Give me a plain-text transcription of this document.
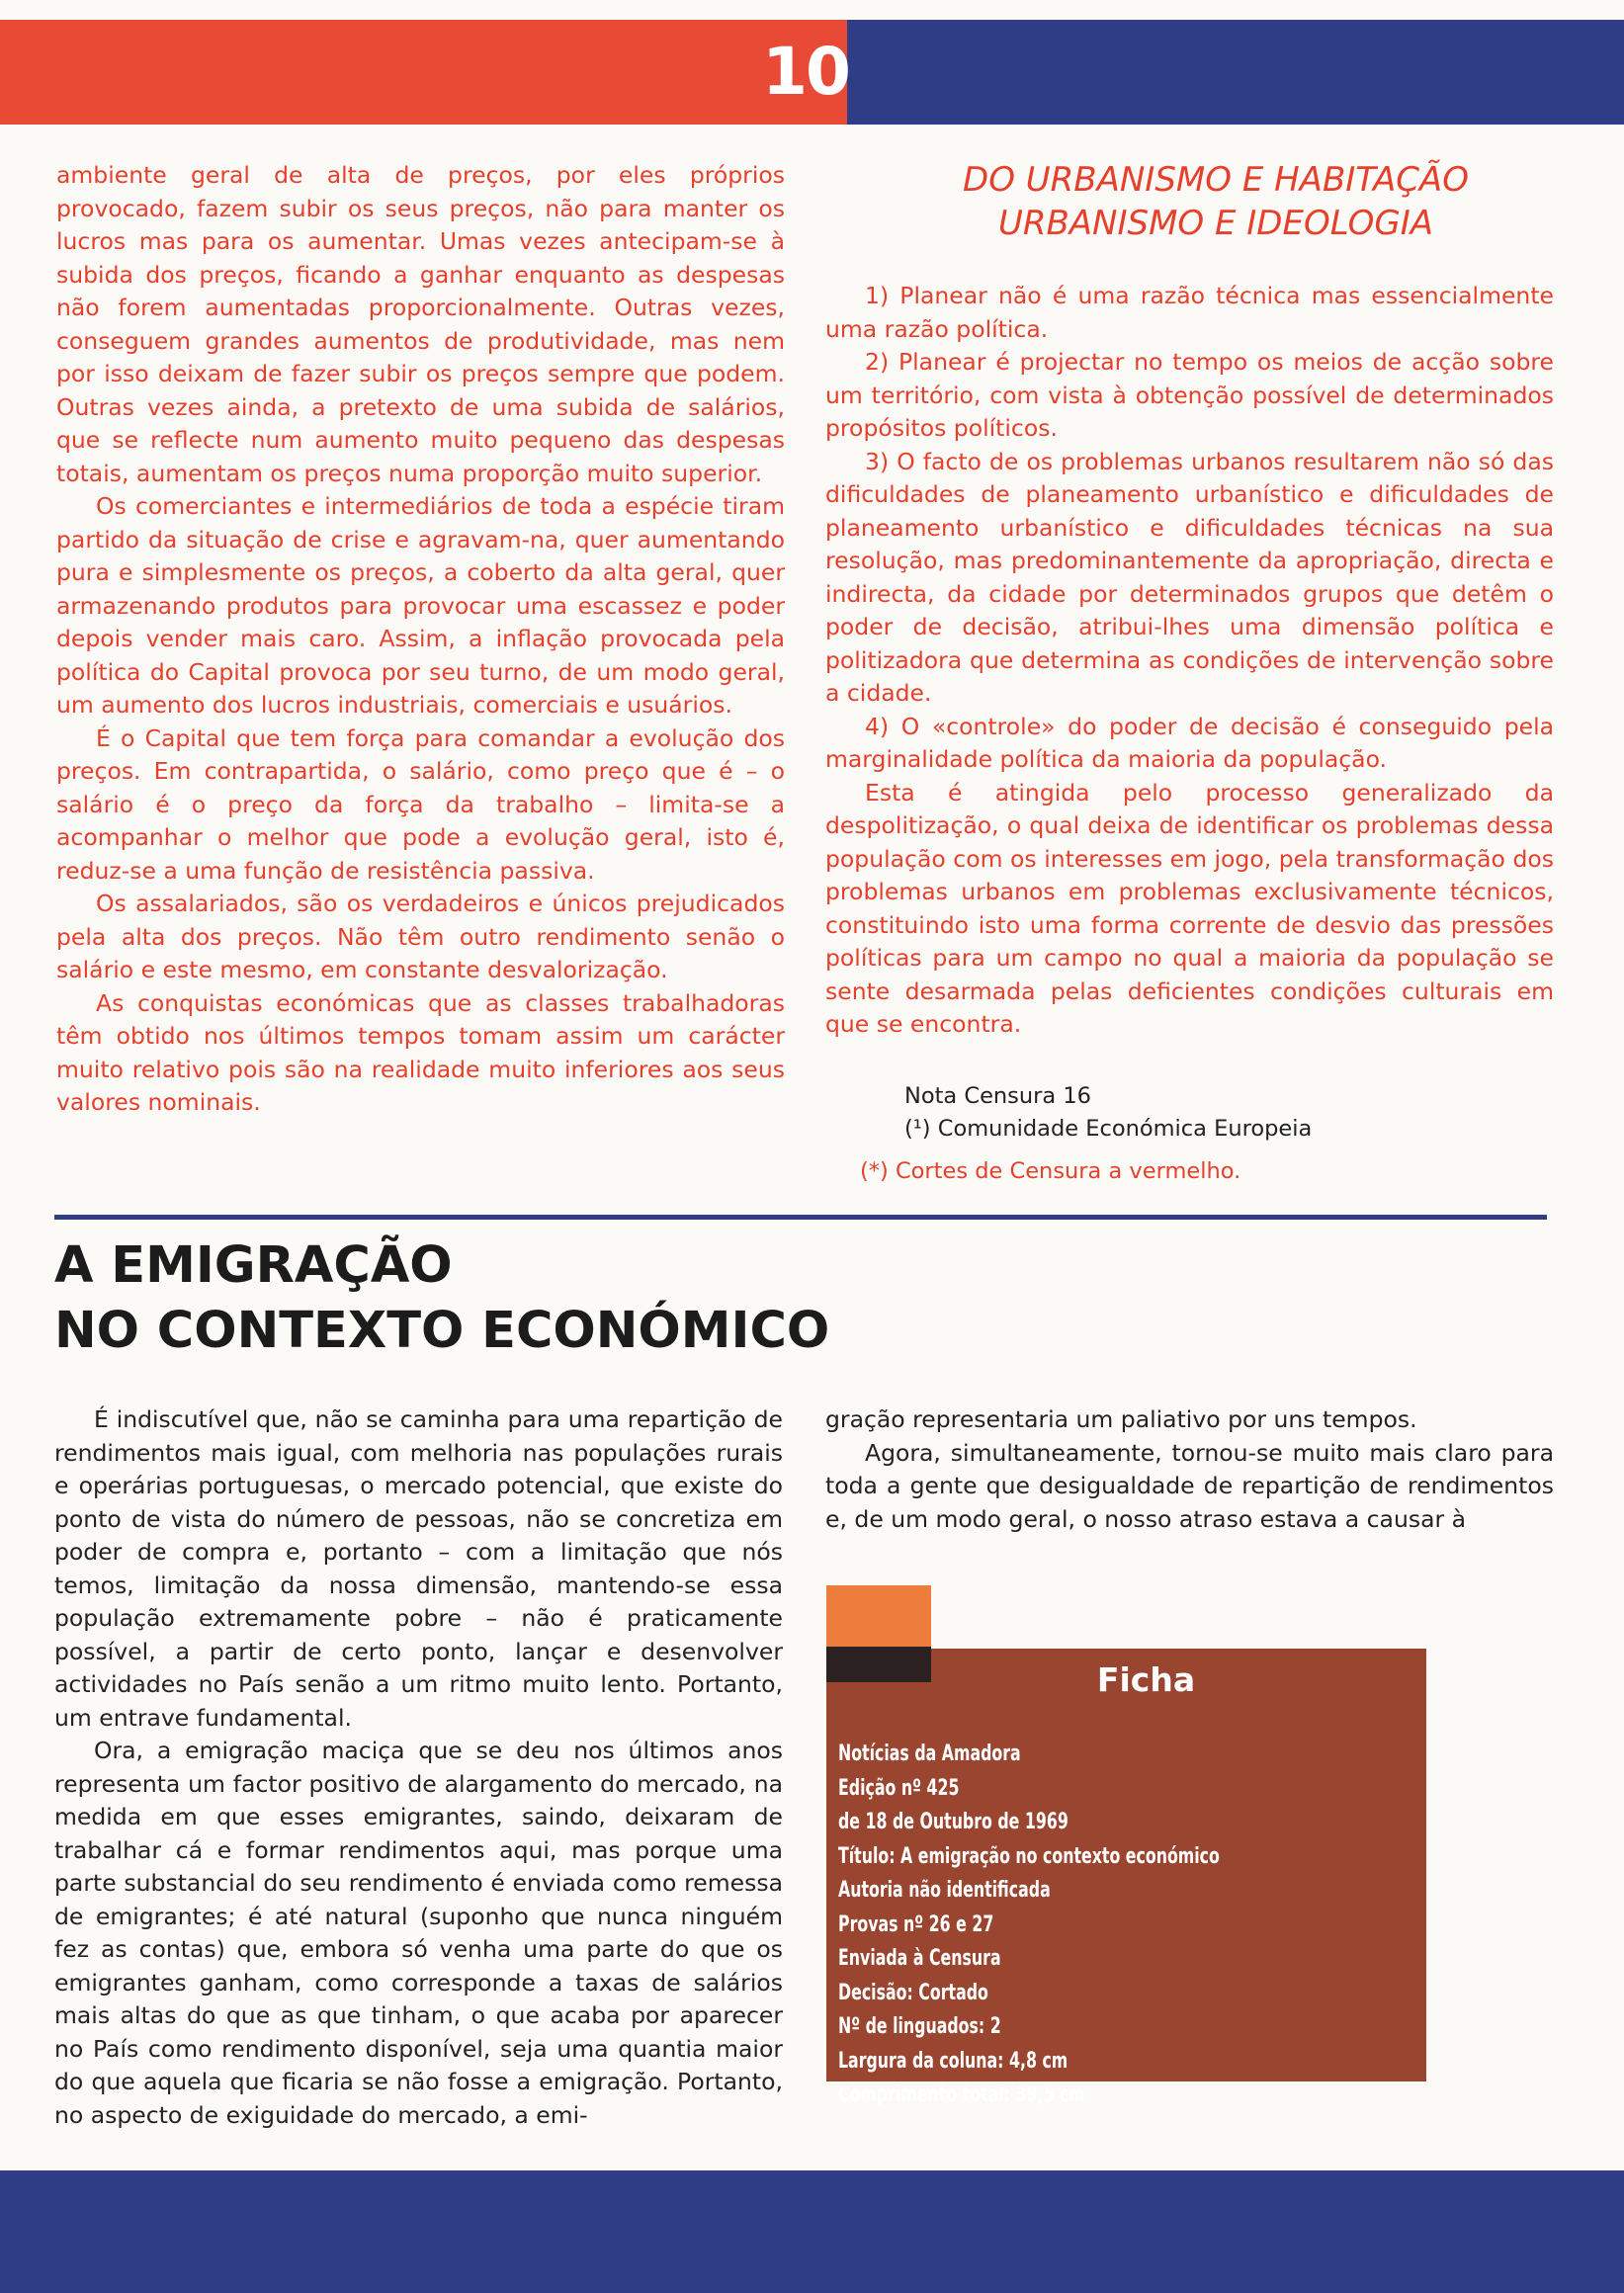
10

ambiente geral de alta de preços, por eles próprios provocado, fazem subir os seus preços, não para manter os lucros mas para os aumentar. Umas vezes antecipam-se à subida dos preços, ficando a ganhar enquanto as despesas não forem aumentadas proporcionalmente. Outras vezes, conseguem grandes aumentos de produtividade, mas nem por isso deixam de fazer subir os preços sempre que podem. Outras vezes ainda, a pretexto de uma subida de salários, que se reflecte num aumento muito pequeno das despesas totais, aumentam os preços numa proporção muito superior.

Os comerciantes e intermediários de toda a espécie tiram partido da situação de crise e agravam-na, quer aumentando pura e simplesmente os preços, a coberto da alta geral, quer armazenando produtos para provocar uma escassez e poder depois vender mais caro. Assim, a inflação provocada pela política do Capital provoca por seu turno, de um modo geral, um aumento dos lucros industriais, comerciais e usuários.

É o Capital que tem força para comandar a evolução dos preços. Em contrapartida, o salário, como preço que é – o salário é o preço da força da trabalho – limita-se a acompanhar o melhor que pode a evolução geral, isto é, reduz-se a uma função de resistência passiva.

Os assalariados, são os verdadeiros e únicos prejudicados pela alta dos preços. Não têm outro rendimento senão o salário e este mesmo, em constante desvalorização.

As conquistas económicas que as classes trabalhadoras têm obtido nos últimos tempos tomam assim um carácter muito relativo pois são na realidade muito inferiores aos seus valores nominais.

DO URBANISMO E HABITAÇÃO
URBANISMO E IDEOLOGIA

1) Planear não é uma razão técnica mas essencialmente uma razão política.

2) Planear é projectar no tempo os meios de acção sobre um território, com vista à obtenção possível de determinados propósitos políticos.

3) O facto de os problemas urbanos resultarem não só das dificuldades de planeamento urbanístico e dificuldades de planeamento urbanístico e dificuldades técnicas na sua resolução, mas predominantemente da apropriação, directa e indirecta, da cidade por determinados grupos que detêm o poder de decisão, atribui-lhes uma dimensão política e politizadora que determina as condições de intervenção sobre a cidade.

4) O «controle» do poder de decisão é conseguido pela marginalidade política da maioria da população.

Esta é atingida pelo processo generalizado da despolitização, o qual deixa de identificar os problemas dessa população com os interesses em jogo, pela transformação dos problemas urbanos em problemas exclusivamente técnicos, constituindo isto uma forma corrente de desvio das pressões políticas para um campo no qual a maioria da população se sente desarmada pelas deficientes condições culturais em que se encontra.

Nota Censura 16
(¹) Comunidade Económica Europeia
(*) Cortes de Censura a vermelho.
A EMIGRAÇÃO
NO CONTEXTO ECONÓMICO

É indiscutível que, não se caminha para uma repartição de rendimentos mais igual, com melhoria nas populações rurais e operárias portuguesas, o mercado potencial, que existe do ponto de vista do número de pessoas, não se concretiza em poder de compra e, portanto – com a limitação que nós temos, limitação da nossa dimensão, mantendo-se essa população extremamente pobre – não é praticamente possível, a partir de certo ponto, lançar e desenvolver actividades no País senão a um ritmo muito lento. Portanto, um entrave fundamental.

Ora, a emigração maciça que se deu nos últimos anos representa um factor positivo de alargamento do mercado, na medida em que esses emigrantes, saindo, deixaram de trabalhar cá e formar rendimentos aqui, mas porque uma parte substancial do seu rendimento é enviada como remessa de emigrantes; é até natural (suponho que nunca ninguém fez as contas) que, embora só venha uma parte do que os emigrantes ganham, como corresponde a taxas de salários mais altas do que as que tinham, o que acaba por aparecer no País como rendimento disponível, seja uma quantia maior do que aquela que ficaria se não fosse a emigração. Portanto, no aspecto de exiguidade do mercado, a emi-

gração representaria um paliativo por uns tempos.

Agora, simultaneamente, tornou-se muito mais claro para toda a gente que desigualdade de repartição de rendimentos e, de um modo geral, o nosso atraso estava a causar à

Ficha
Notícias da Amadora
Edição nº 425
de 18 de Outubro de 1969
Título: A emigração no contexto económico
Autoria não identificada
Provas nº 26 e 27
Enviada à Censura
Decisão: Cortado
Nº de linguados: 2
Largura da coluna: 4,8 cm
Comprimento total: 39,5 cm
